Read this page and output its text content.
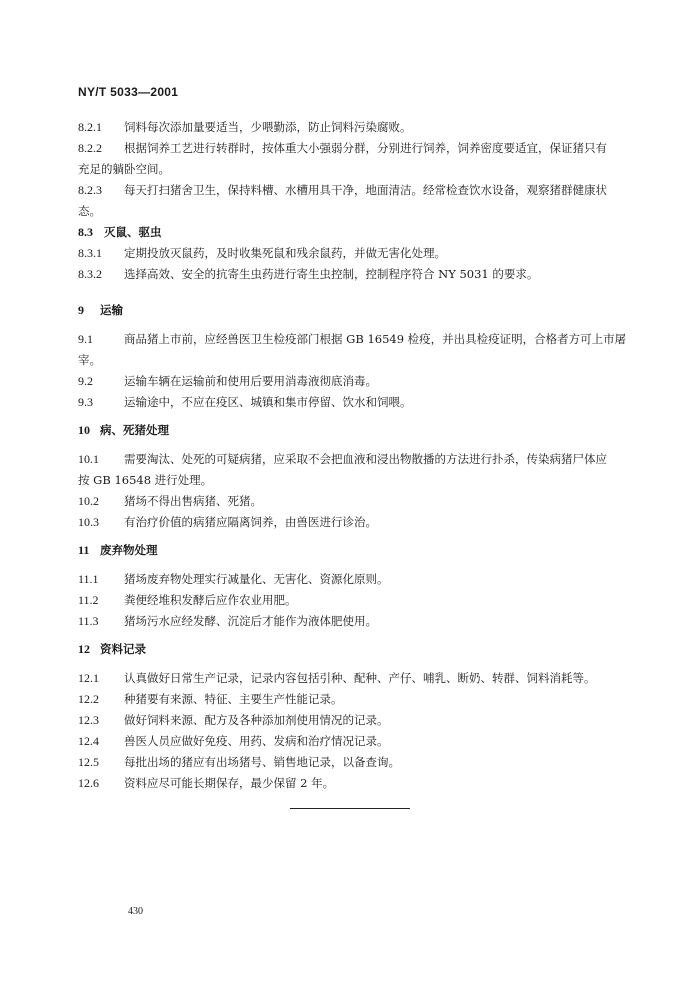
NY/T 5033—2001
8.2.1 饲料每次添加量要适当，少喂勤添，防止饲料污染腐败。
8.2.2 根据饲养工艺进行转群时，按体重大小强弱分群，分别进行饲养，饲养密度要适宜，保证猪只有
充足的躺卧空间。
8.2.3 每天打扫猪舍卫生，保持料槽、水槽用具干净，地面清洁。经常检查饮水设备，观察猪群健康状
态。
8.3 灭鼠、驱虫
8.3.1 定期投放灭鼠药，及时收集死鼠和残余鼠药，并做无害化处理。
8.3.2 选择高效、安全的抗寄生虫药进行寄生虫控制，控制程序符合 NY 5031 的要求。
9 运输
9.1	商品猪上市前，应经兽医卫生检疫部门根据 GB 16549 检疫，并出具检疫证明，合格者方可上市屠
宰。
9.2	运输车辆在运输前和使用后要用消毒液彻底消毒。
9.3	运输途中，不应在疫区、城镇和集市停留、饮水和饲喂。
10 病、死猪处理
10.1 需要淘汰、处死的可疑病猪，应采取不会把血液和浸出物散播的方法进行扑杀，传染病猪尸体应
按 GB 16548 进行处理。
10.2 猪场不得出售病猪、死猪。
10.3 有治疗价值的病猪应隔离饲养，由兽医进行诊治。
11 废弃物处理
11.1 猪场废弃物处理实行减量化、无害化、资源化原则。
11.2 粪便经堆积发酵后应作农业用肥。
11.3 猪场污水应经发酵、沉淀后才能作为液体肥使用。
12 资料记录
12.1 认真做好日常生产记录，记录内容包括引种、配种、产仔、哺乳、断奶、转群、饲料消耗等。
12.2 种猪要有来源、特征、主要生产性能记录。
12.3 做好饲料来源、配方及各种添加剂使用情况的记录。
12.4 兽医人员应做好免疫、用药、发病和治疗情况记录。
12.5 每批出场的猪应有出场猪号、销售地记录，以备查询。
12.6 资料应尽可能长期保存，最少保留 2 年。
430
